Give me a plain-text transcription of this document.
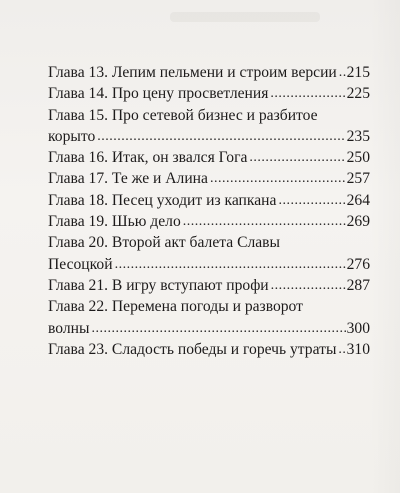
Глава 13. Лепим пельмени и строим версии ..... 215
Глава 14. Про цену просветления .....	225
Глава 15. Про сетевой бизнес и разбитое
корыто .....	235
Глава 16. Итак, он звался Гога .....	250
Глава 17. Те же и Алина .....	257
Глава 18. Песец уходит из капкана .....	264
Глава 19. Шью дело .....	269
Глава 20. Второй акт балета Славы
Песоцкой .....	276
Глава 21. В игру вступают профи .....	287
Глава 22. Перемена погоды и разворот
волны .....	300
Глава 23. Сладость победы и горечь утраты ..... 310
